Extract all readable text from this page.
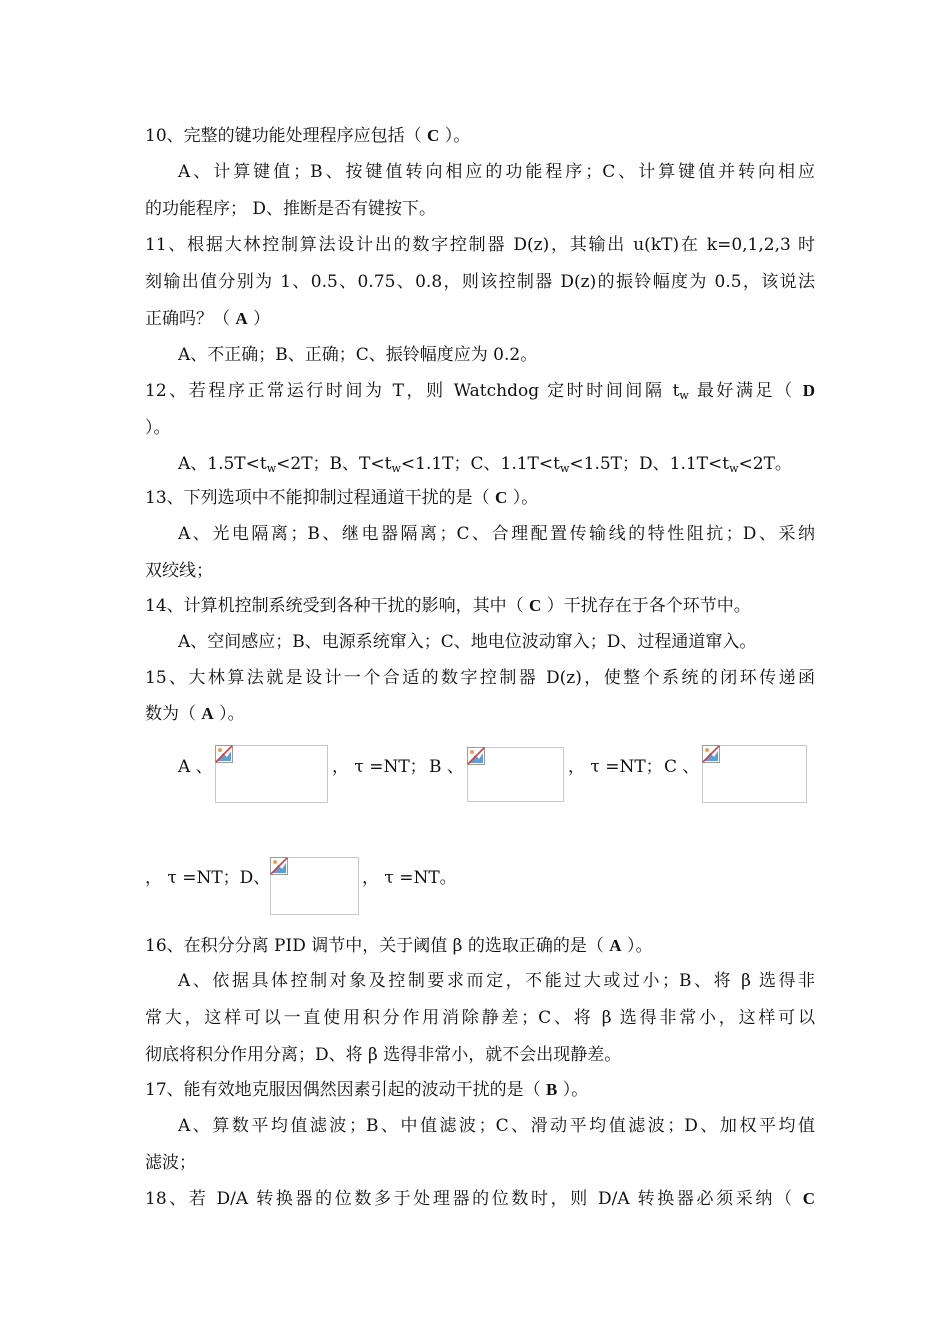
10、完整的键功能处理程序应包括（ C ）。
A、计算键值；B、按键值转向相应的功能程序；C、计算键值并转向相应
的功能程序； D、推断是否有键按下。
11、根据大林控制算法设计出的数字控制器 D(z)，其输出 u(kT)在 k=0,1,2,3 时
刻输出值分别为 1、0.5、0.75、0.8，则该控制器 D(z)的振铃幅度为 0.5，该说法
正确吗？（ A ）
A、不正确；B、正确；C、振铃幅度应为 0.2。
12、若程序正常运行时间为 T，则 Watchdog 定时时间间隔 $t_w$ 最好满足（ D
）。
A、$1.5T<t_w<2T$；B、$T<t_w<1.1T$；C、$1.1T<t_w<1.5T$；D、$1.1T<t_w<2T$。
13、下列选项中不能抑制过程通道干扰的是（ C ）。
A、光电隔离；B、继电器隔离；C、合理配置传输线的特性阻抗；D、采纳
双绞线；
14、计算机控制系统受到各种干扰的影响，其中（ C ）干扰存在于各个环节中。
A、空间感应；B、电源系统窜入；C、地电位波动窜入；D、过程通道窜入。
15、大林算法就是设计一个合适的数字控制器 D(z)，使整个系统的闭环传递函
数为（ A ）。
A 、	， τ =NT； B 、	， τ =NT； C 、
， τ =NT；D、	， τ =NT。
16、在积分分离 PID 调节中，关于阈值 β 的选取正确的是（ A ）。
A、依据具体控制对象及控制要求而定，不能过大或过小；B、将 β 选得非
常大，这样可以一直使用积分作用消除静差；C、将 β 选得非常小，这样可以
彻底将积分作用分离；D、将 β 选得非常小，就不会出现静差。
17、能有效地克服因偶然因素引起的波动干扰的是（ B ）。
A、算数平均值滤波；B、中值滤波；C、滑动平均值滤波；D、加权平均值
滤波；
18、若 D/A 转换器的位数多于处理器的位数时，则 D/A 转换器必须采纳（ C
